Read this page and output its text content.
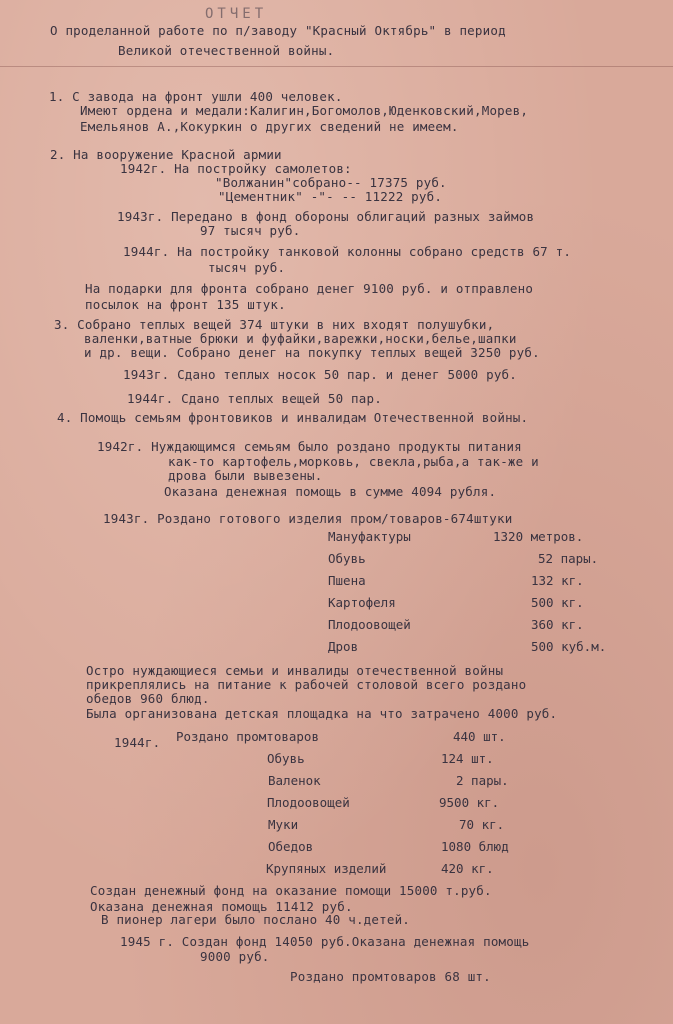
ОТЧЕТ
О проделанной работе по п/заводу "Красный Октябрь" в период
Великой отечественной войны.
1. С завода на фронт ушли 400 человек.
Имеют ордена и медали:Калигин,Богомолов,Юденковский,Морев,
Емельянов А.,Кокуркин о других сведений не имеем.
2. На вооружение Красной армии
1942г. На постройку самолетов:
"Волжанин"собрано-- 17375 руб.
"Цементник" -"- -- 11222 руб.
1943г. Передано в фонд обороны облигаций разных займов
97 тысяч руб.
1944г. На постройку танковой колонны собрано средств 67 т.
тысяч руб.
На подарки для фронта собрано денег 9100 руб. и отправлено
посылок на фронт 135 штук.
3. Собрано теплых вещей 374 штуки в них входят полушубки,
валенки,ватные брюки и фуфайки,варежки,носки,белье,шапки
и др. вещи. Собрано денег на покупку теплых вещей 3250 руб.
1943г. Сдано теплых носок 50 пар. и денег 5000 руб.
1944г. Сдано теплых вещей 50 пар.
4. Помощь семьям фронтовиков и инвалидам Отечественной войны.
1942г. Нуждающимся семьям было роздано продукты питания
как-то картофель,морковь, свекла,рыба,а так-же и
дрова были вывезены.
Оказана денежная помощь в сумме 4094 рубля.
1943г. Роздано готового изделия пром/товаров-674штуки
Мануфактуры	1320 метров.
Обувь	52 пары.
Пшена	132 кг.
Картофеля	500 кг.
Плодоовощей	360 кг.
Дров	500 куб.м.
Остро нуждающиеся семьи и инвалиды отечественной войны
прикреплялись на питание к рабочей столовой всего роздано
обедов 960 блюд.
Была организована детская площадка на что затрачено 4000 руб.
1944г. Роздано промтоваров	440 шт.
Обувь	124 шт.
Валенок	2 пары.
Плодоовощей	9500 кг.
Муки	70 кг.
Обедов	1080 блюд
Крупяных изделий	420 кг.
Создан денежный фонд на оказание помощи 15000 т.руб.
Оказана денежная помощь 11412 руб.
В пионер лагери было послано 40 ч.детей.
1945 г. Создан фонд 14050 руб.Оказана денежная помощь
9000 руб.
Роздано промтоваров 68 шт.
